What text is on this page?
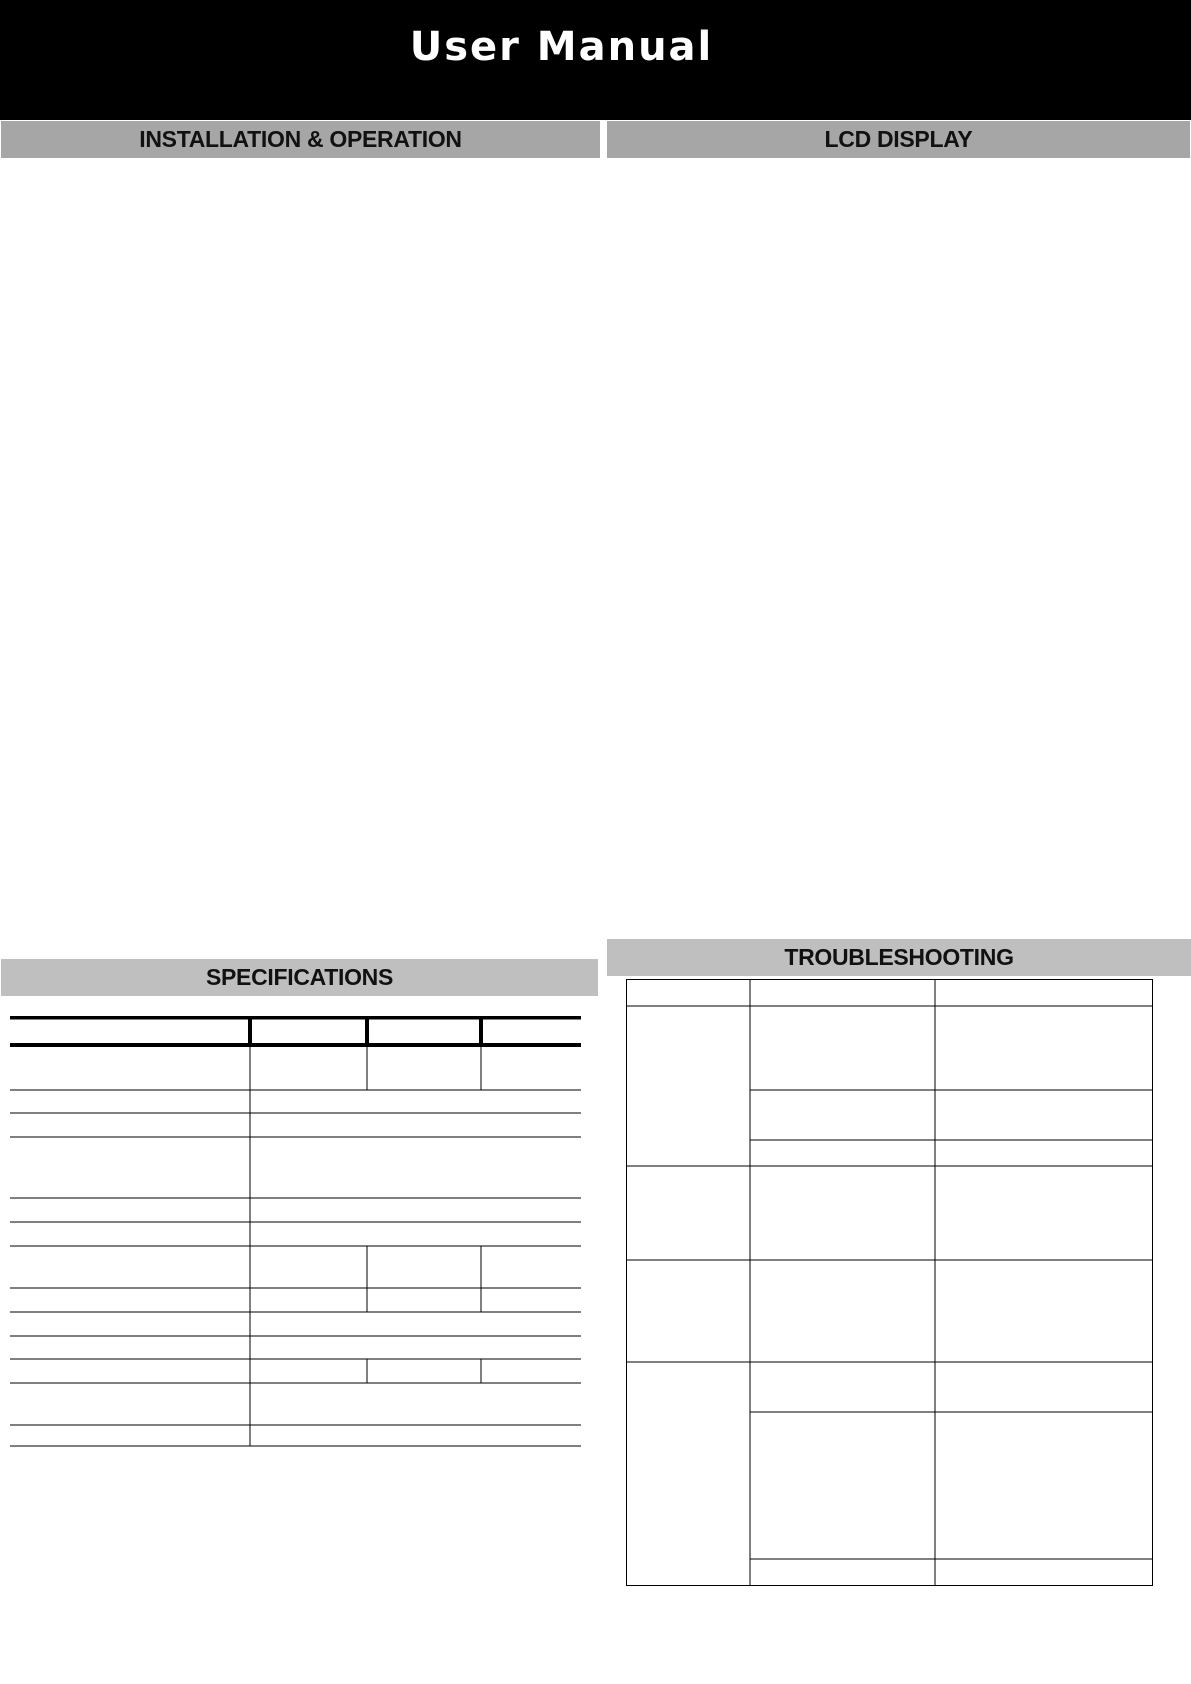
User Manual
INSTALLATION & OPERATION	LCD DISPLAY
SPECIFICATIONS
TROUBLESHOOTING
